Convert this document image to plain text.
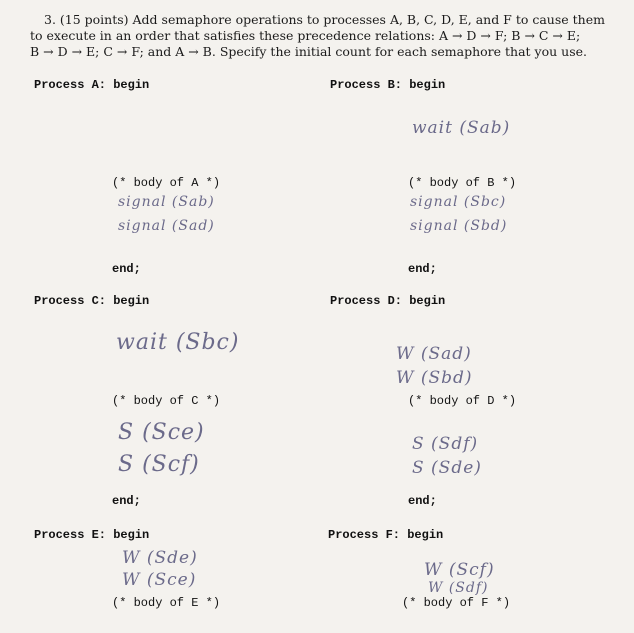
3. (15 points) Add semaphore operations to processes A, B, C, D, E, and F to cause them
to execute in an order that satisfies these precedence relations: A → D → F; B → C → E;
B → D → E; C → F; and A → B. Specify the initial count for each semaphore that you use.
Process A: begin
(* body of A *)
signal (Sab)
signal (Sad)
end;
Process B: begin
wait (Sab)
(* body of B *)
signal (Sbc)
signal (Sbd)
end;
Process C: begin
wait (Sbc)
(* body of C *)
S (Sce)
S (Scf)
end;
Process D: begin
W (Sad)
W (Sbd)
(* body of D *)
S (Sdf)
S (Sde)
end;
Process E: begin
W (Sde)
W (Sce)
(* body of E *)
Process F: begin
W (Scf)
W (Sdf)
(* body of F *)
